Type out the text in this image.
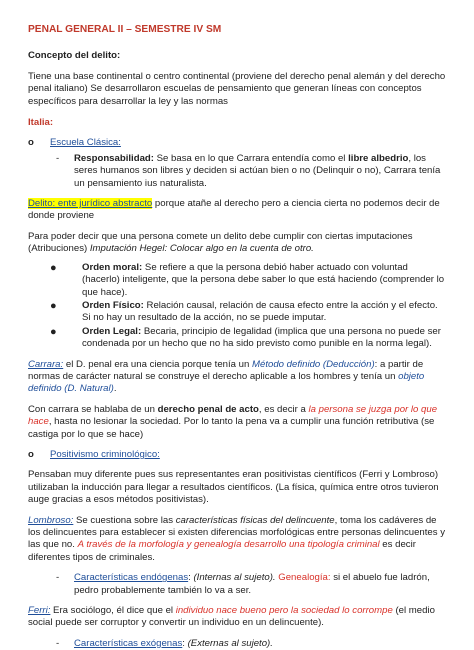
PENAL GENERAL II – SEMESTRE IV SM

Concepto del delito:

Tiene una base continental o centro continental (proviene del derecho penal alemán y del derecho penal italiano) Se desarrollaron escuelas de pensamiento que generan líneas con conceptos específicos para desarrollar la ley y las normas

Italia:

o	Escuela Clásica:
-	Responsabilidad: Se basa en lo que Carrara entendía como el libre albedrio, los seres humanos son libres y deciden si actúan bien o no (Delinquir o no), Carrara tenía un pensamiento ius naturalista.

Delito: ente jurídico abstracto porque atañe al derecho pero a ciencia cierta no podemos decir de donde proviene

Para poder decir que una persona comete un delito debe cumplir con ciertas imputaciones (Atribuciones) Imputación Hegel: Colocar algo en la cuenta de otro.

●	Orden moral: Se refiere a que la persona debió haber actuado con voluntad (hacerlo) inteligente, que la persona debe saber lo que está haciendo (comprender lo que hace).
●	Orden Físico: Relación causal, relación de causa efecto entre la acción y el efecto. Si no hay un resultado de la acción, no se puede imputar.
●	Orden Legal: Becaria, principio de legalidad (implica que una persona no puede ser condenada por un hecho que no ha sido previsto como punible en la norma legal).

Carrara: el D. penal era una ciencia porque tenía un Método definido (Deducción): a partir de normas de carácter natural se construye el derecho aplicable a los hombres y tenía un objeto definido (D. Natural).

Con carrara se hablaba de un derecho penal de acto, es decir a la persona se juzga por lo que hace, hasta no lesionar la sociedad. Por lo tanto la pena va a cumplir una función retributiva (se castiga por lo que se hace)

o	Positivismo criminológico:

Pensaban muy diferente pues sus representantes eran positivistas científicos (Ferri y Lombroso) utilizaban la inducción para llegar a resultados científicos. (La física, química entre otros tuvieron auge gracias a esos métodos positivistas).

Lombroso: Se cuestiona sobre las características físicas del delincuente, toma los cadáveres de los delincuentes para establecer si existen diferencias morfológicas entre personas delincuentes y las que no. A través de la morfología y genealogía desarrollo una tipología criminal es decir diferentes tipos de criminales.

-	Características endógenas: (Internas al sujeto). Genealogía: si el abuelo fue ladrón, pedro probablemente también lo va a ser.

Ferri: Era sociólogo, él dice que el individuo nace bueno pero la sociedad lo corrompe (el medio social puede ser corruptor y convertir un individuo en un delincuente).

-	Características exógenas: (Externas al sujeto).
